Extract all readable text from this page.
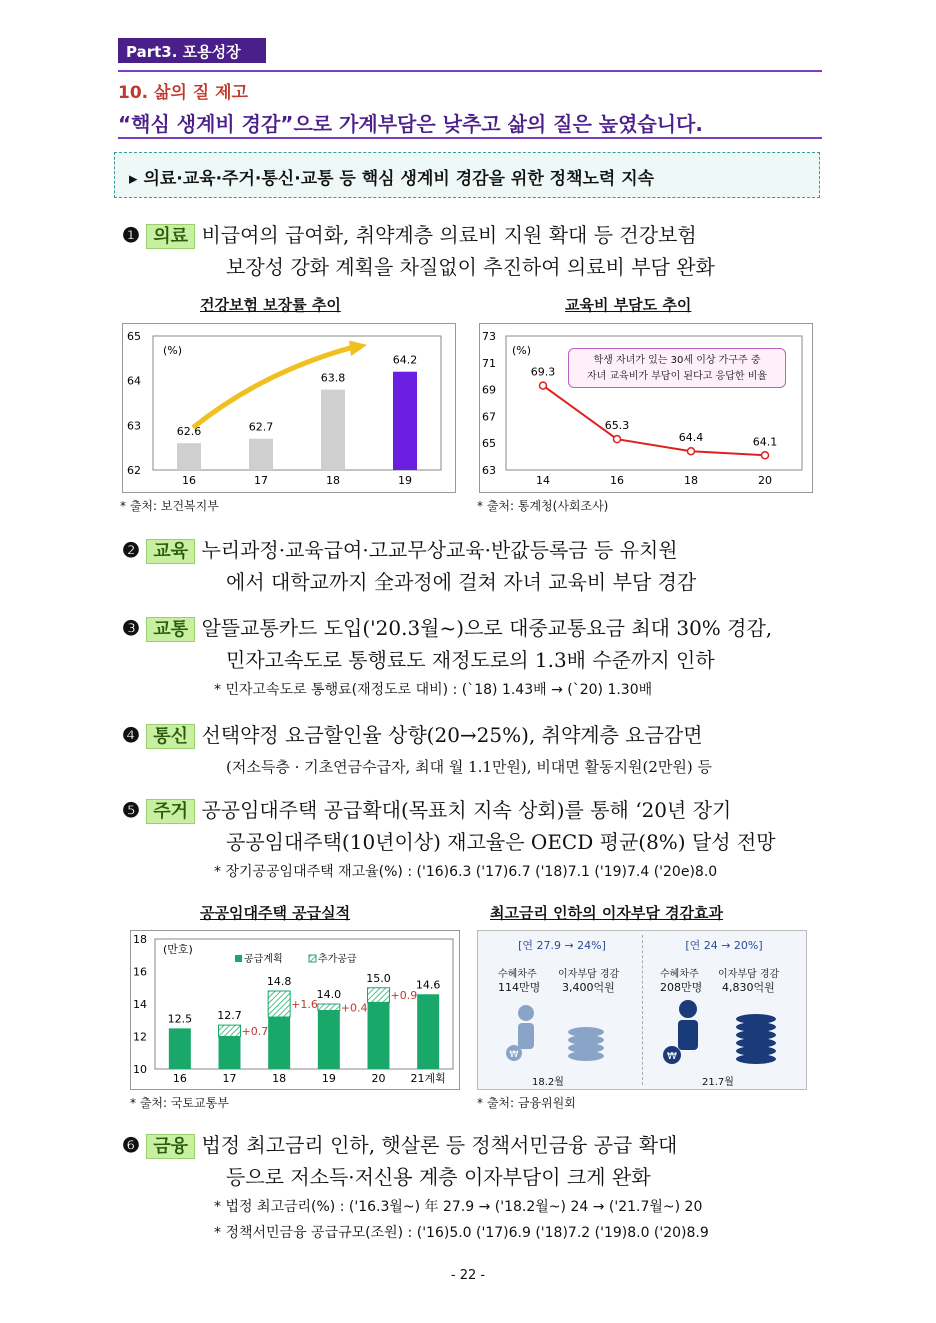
Part3. 포용성장
10. 삶의 질 제고
“핵심 생계비 경감”으로 가계부담은 낮추고 삶의 질은 높였습니다.
▸ 의료·교육·주거·통신·교통 등 핵심 생계비 경감을 위한 정책노력 지속
❶ 의료 비급여의 급여화, 취약계층 의료비 지원 확대 등 건강보험
보장성 강화 계획을 차질없이 추진하여 의료비 부담 완화
건강보험 보장률 추이
65
64
63
62
(%)
62.6
16
62.7
17
63.8
18
64.2
19
* 출처: 보건복지부
교육비 부담도 추이
73
71
69
67
65
63
(%)
69.3
14
65.3
16
64.4
18
64.1
20
학생 자녀가 있는 30세 이상 가구주 중
자녀 교육비가 부담이 된다고 응답한 비율
* 출처: 통계청(사회조사)
❷ 교육 누리과정·교육급여·고교무상교육·반값등록금 등 유치원
에서 대학교까지 全과정에 걸쳐 자녀 교육비 부담 경감
❸ 교통 알뜰교통카드 도입('20.3월~)으로 대중교통요금 최대 30% 경감,
민자고속도로 통행료도 재정도로의 1.3배 수준까지 인하
* 민자고속도로 통행료(재정도로 대비) : (`18) 1.43배 → (`20) 1.30배
❹ 통신 선택약정 요금할인율 상향(20→25%), 취약계층 요금감면
(저소득층 · 기초연금수급자, 최대 월 1.1만원), 비대면 활동지원(2만원) 등
❺ 주거 공공임대주택 공급확대(목표치 지속 상회)를 통해 ‘20년 장기
공공임대주택(10년이상) 재고율은 OECD 평균(8%) 달성 전망
* 장기공공임대주택 재고율(%) : ('16)6.3 ('17)6.7 ('18)7.1 ('19)7.4 ('20e)8.0
공공임대주택 공급실적
18
16
14
12
10
(만호)
공급계획	추가공급
12.5
16
12.7
+0.7
17
14.8
+1.6
18
14.0
+0.4
19
15.0
+0.9
20
14.6
21계획
* 출처: 국토교통부
최고금리 인하의 이자부담 경감효과
[연 27.9 → 24%]
수혜차주 이자부담 경감
114만명 3,400억원
₩
18.2월
[연 24 → 20%]
수혜차주 이자부담 경감
208만명 4,830억원
₩
21.7월
* 출처: 금융위원회
❻ 금융 법정 최고금리 인하, 햇살론 등 정책서민금융 공급 확대
등으로 저소득·저신용 계층 이자부담이 크게 완화
* 법정 최고금리(%) : ('16.3월~) 年 27.9 → ('18.2월~) 24 → ('21.7월~) 20
* 정책서민금융 공급규모(조원) : ('16)5.0 ('17)6.9 ('18)7.2 ('19)8.0 ('20)8.9
- 22 -
